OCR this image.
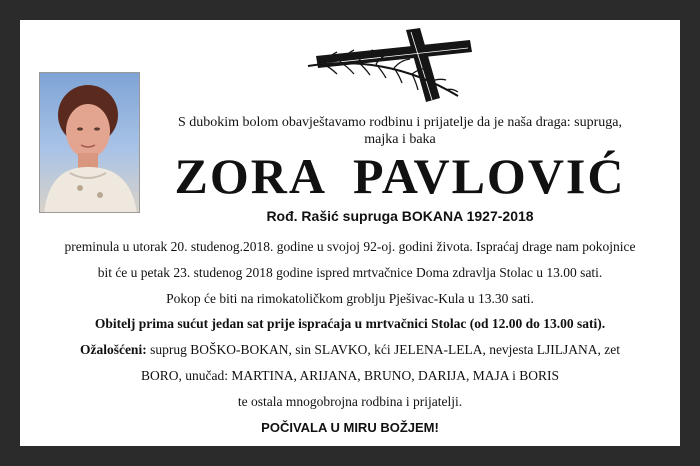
S dubokim bolom obavještavamo rodbinu i prijatelje da je naša draga: supruga,
majka i baka
ZORA PAVLOVIĆ
Rođ. Rašić supruga BOKANA 1927-2018

preminula u utorak 20. studenog.2018. godine u svojoj 92-oj. godini života. Ispraćaj drage nam pokojnice

bit će u petak 23. studenog 2018 godine ispred mrtvačnice Doma zdravlja Stolac u 13.00 sati.

Pokop će biti na rimokatoličkom groblju Pješivac-Kula u 13.30 sati.

Obitelj prima sućut jedan sat prije ispraćaja u mrtvačnici Stolac (od 12.00 do 13.00 sati).

Ožalošćeni: suprug BOŠKO-BOKAN, sin SLAVKO, kći JELENA-LELA, nevjesta LJILJANA, zet

BORO, unučad: MARTINA, ARIJANA, BRUNO, DARIJA, MAJA i BORIS

te ostala mnogobrojna rodbina i prijatelji.

POČIVALA U MIRU BOŽJEM!
